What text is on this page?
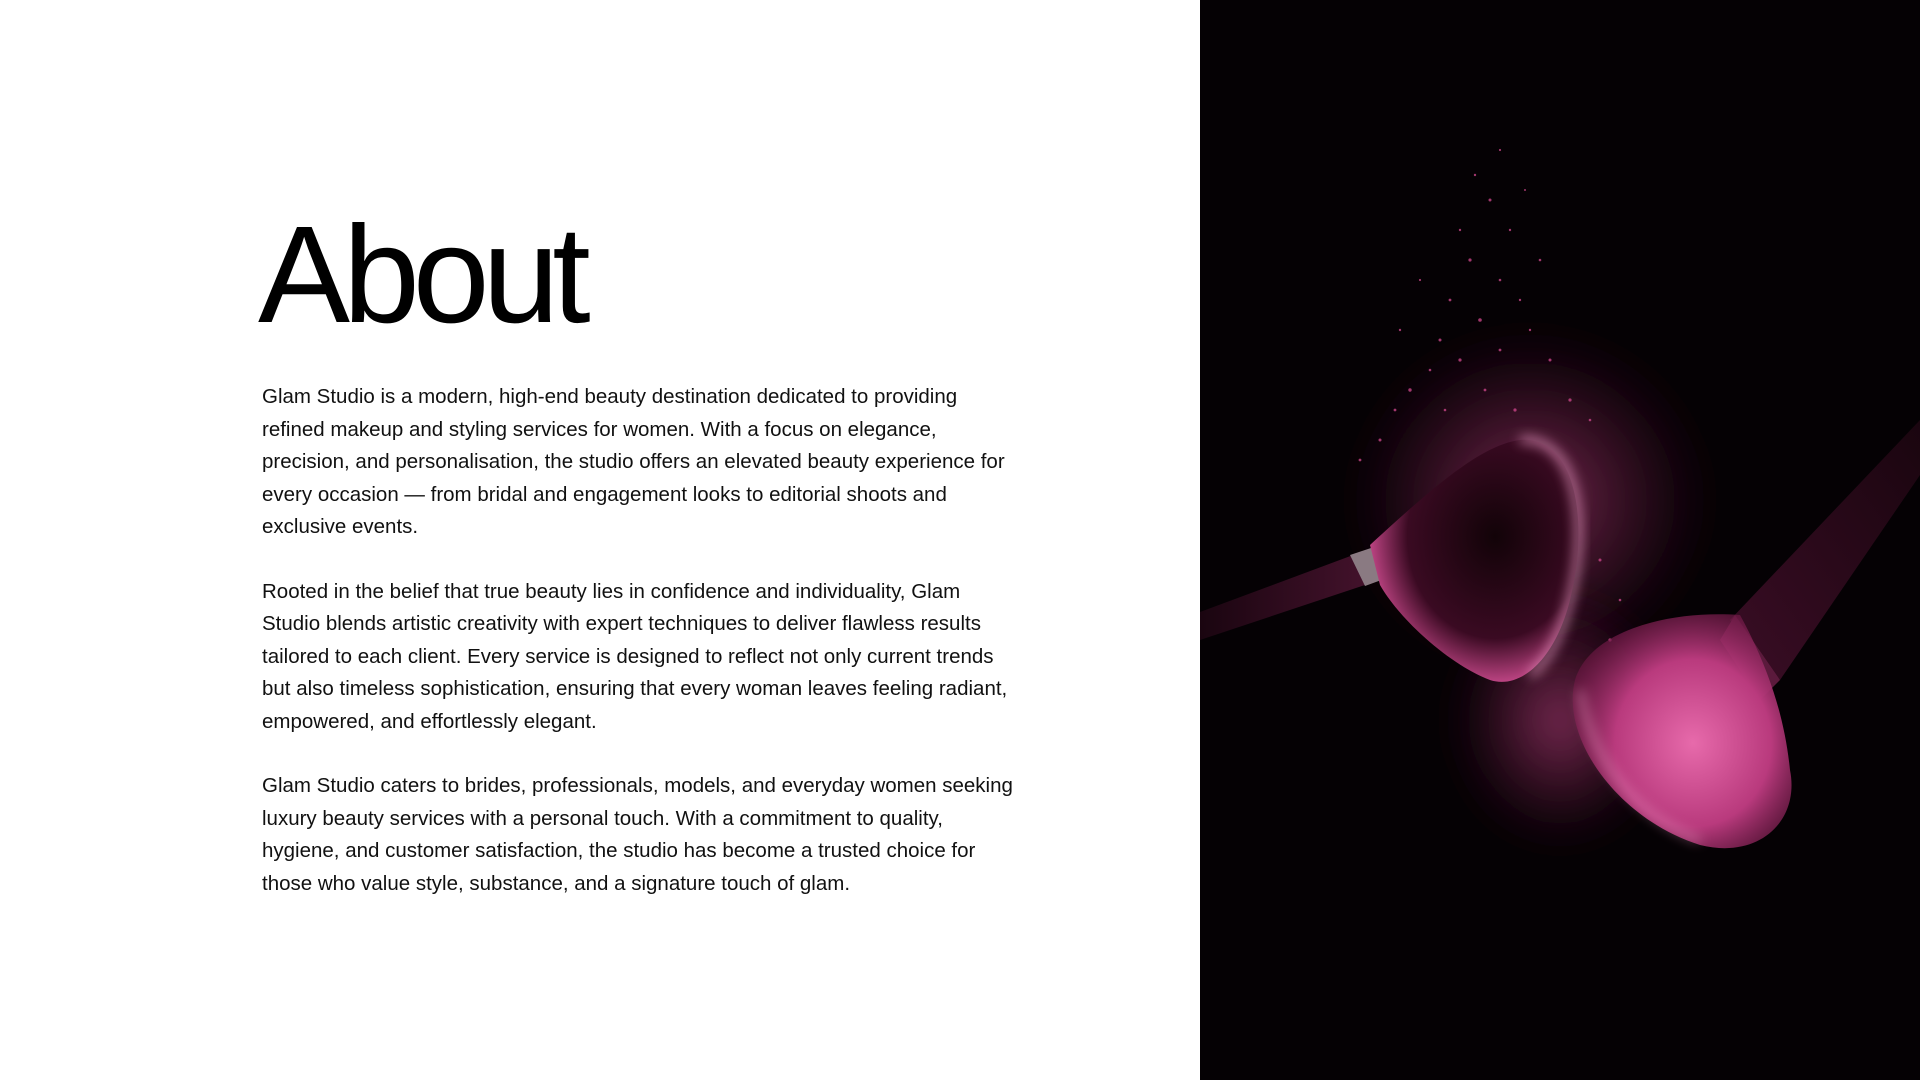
About

Glam Studio is a modern, high-end beauty destination dedicated to providing refined makeup and styling services for women. With a focus on elegance, precision, and personalisation, the studio offers an elevated beauty experience for every occasion — from bridal and engagement looks to editorial shoots and exclusive events.

Rooted in the belief that true beauty lies in confidence and individuality, Glam Studio blends artistic creativity with expert techniques to deliver flawless results tailored to each client. Every service is designed to reflect not only current trends but also timeless sophistication, ensuring that every woman leaves feeling radiant, empowered, and effortlessly elegant.

Glam Studio caters to brides, professionals, models, and everyday women seeking luxury beauty services with a personal touch. With a commitment to quality, hygiene, and customer satisfaction, the studio has become a trusted choice for those who value style, substance, and a signature touch of glam.
